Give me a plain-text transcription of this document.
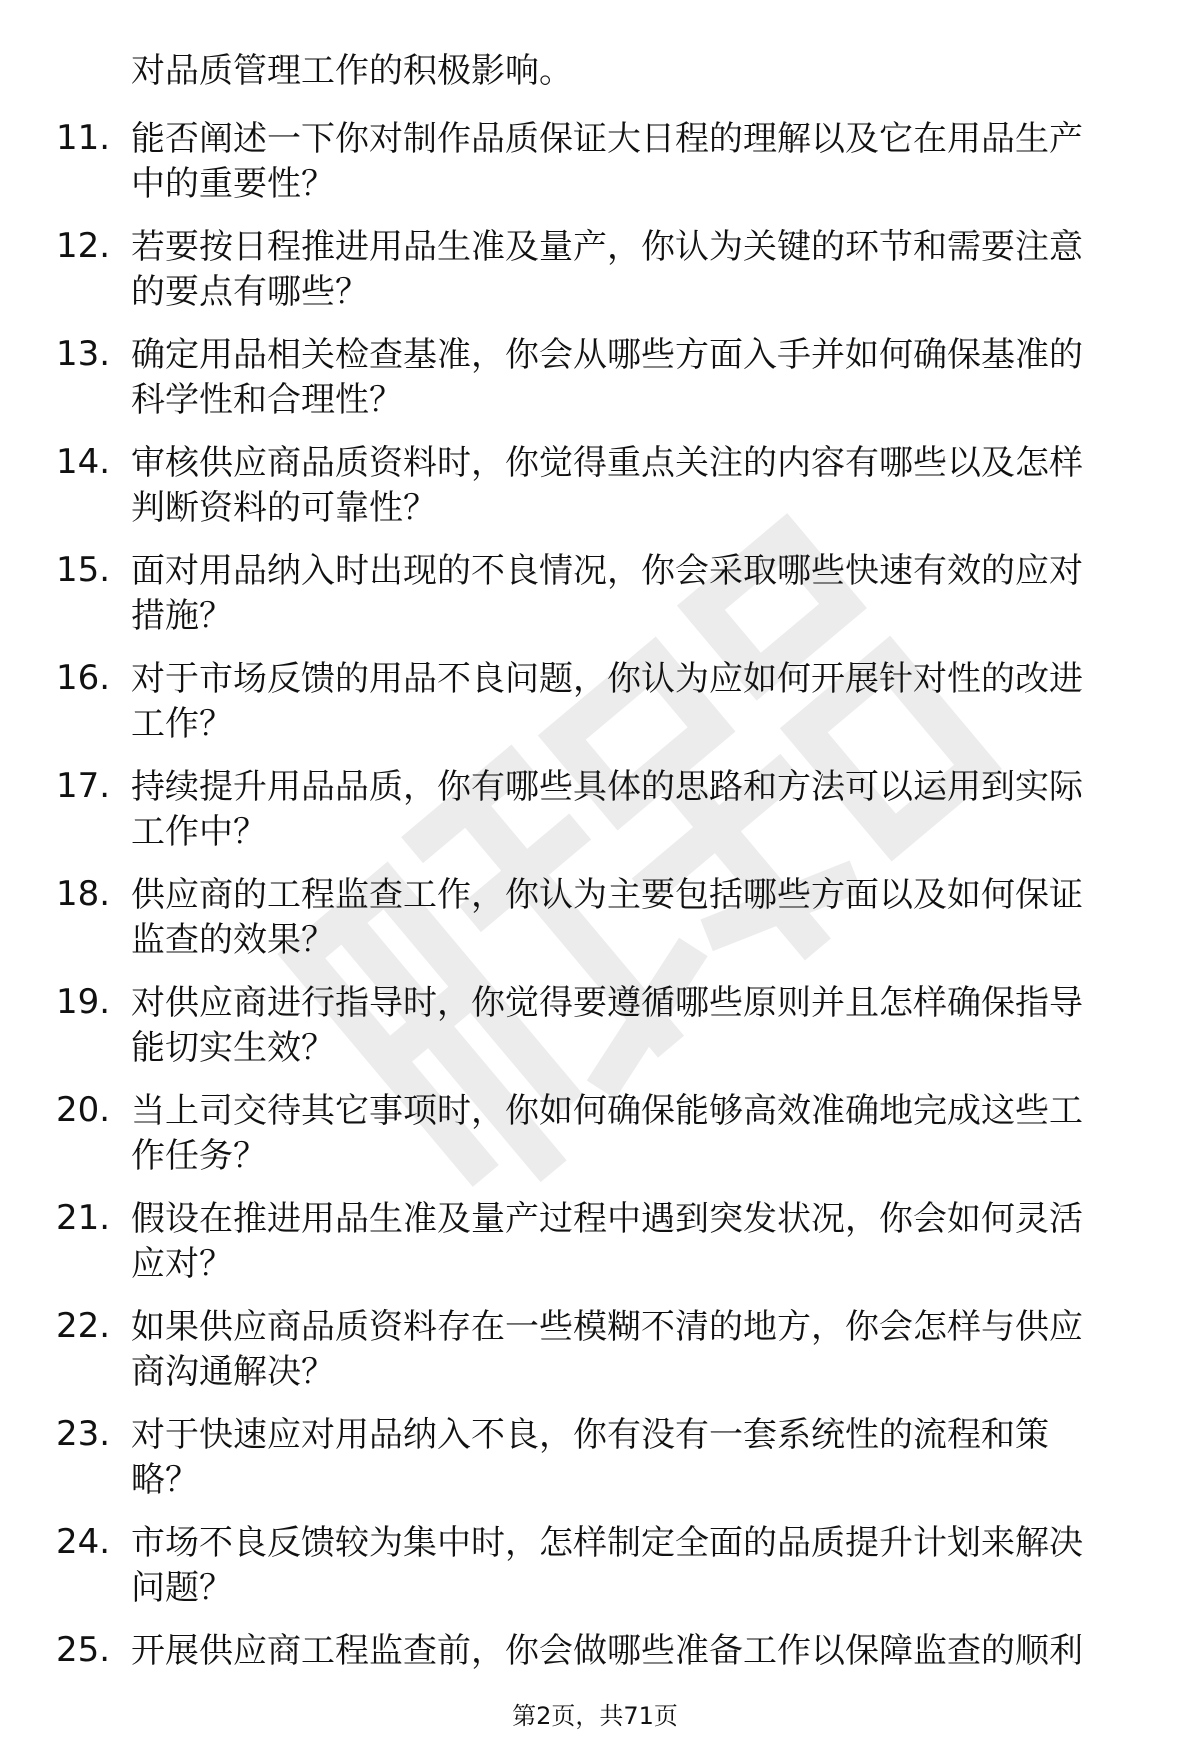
对品质管理工作的积极影响。
11. 能否阐述一下你对制作品质保证大日程的理解以及它在用品生产
中的重要性？
12. 若要按日程推进用品生准及量产，你认为关键的环节和需要注意
的要点有哪些？
13. 确定用品相关检查基准，你会从哪些方面入手并如何确保基准的
科学性和合理性？
14. 审核供应商品质资料时，你觉得重点关注的内容有哪些以及怎样
判断资料的可靠性？
15. 面对用品纳入时出现的不良情况，你会采取哪些快速有效的应对
措施？
16. 对于市场反馈的用品不良问题，你认为应如何开展针对性的改进
工作？
17. 持续提升用品品质，你有哪些具体的思路和方法可以运用到实际
工作中？
18. 供应商的工程监查工作，你认为主要包括哪些方面以及如何保证
监查的效果？
19. 对供应商进行指导时，你觉得要遵循哪些原则并且怎样确保指导
能切实生效？
20. 当上司交待其它事项时，你如何确保能够高效准确地完成这些工
作任务？
21. 假设在推进用品生准及量产过程中遇到突发状况，你会如何灵活
应对？
22. 如果供应商品质资料存在一些模糊不清的地方，你会怎样与供应
商沟通解决？
23. 对于快速应对用品纳入不良，你有没有一套系统性的流程和策
略？
24. 市场不良反馈较为集中时，怎样制定全面的品质提升计划来解决
问题？
25. 开展供应商工程监查前，你会做哪些准备工作以保障监查的顺利
第2页，共71页
